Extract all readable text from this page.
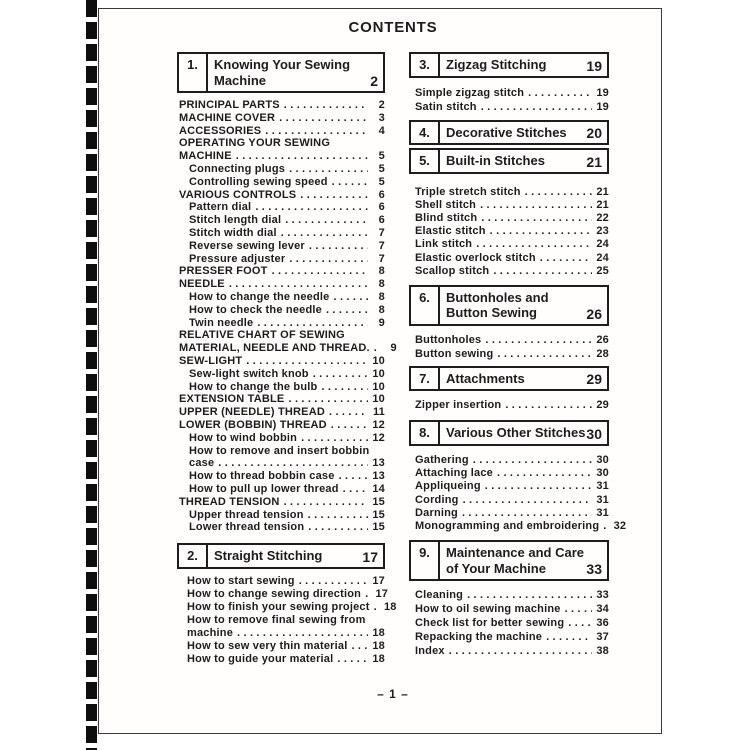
CONTENTS
1.	Knowing Your Sewing
Machine	2
PRINCIPAL PARTS .....	2
MACHINE COVER .....	3
ACCESSORIES .....	4
OPERATING YOUR SEWING
MACHINE .....	5
Connecting plugs .....	5
Controlling sewing speed .....	5
VARIOUS CONTROLS .....	6
Pattern dial .....	6
Stitch length dial .....	6
Stitch width dial .....	7
Reverse sewing lever .....	7
Pressure adjuster .....	7
PRESSER FOOT .....	8
NEEDLE .....	8
How to change the needle .....	8
How to check the needle .....	8
Twin needle .....	9
RELATIVE CHART OF SEWING
MATERIAL, NEEDLE AND THREAD. .....	9
SEW-LIGHT .....	10
Sew-light switch knob .....	10
How to change the bulb .....	10
EXTENSION TABLE .....	10
UPPER (NEEDLE) THREAD .....	11
LOWER (BOBBIN) THREAD .....	12
How to wind bobbin .....	12
How to remove and insert bobbin
case .....	13
How to thread bobbin case .....	13
How to pull up lower thread .....	14
THREAD TENSION .....	15
Upper thread tension .....	15
Lower thread tension .....	15
2.	Straight Stitching	17
How to start sewing .....	17
How to change sewing direction ..... 17
How to finish your sewing project ..... 18
How to remove final sewing from
machine .....	18
How to sew very thin material ..... 18
How to guide your material .....	18
3.	Zigzag Stitching	19
Simple zigzag stitch .....	19
Satin stitch .....	19
4.	Decorative Stitches	20
5.	Built-in Stitches	21
Triple stretch stitch .....	21
Shell stitch .....	21
Blind stitch .....	22
Elastic stitch .....	23
Link stitch .....	24
Elastic overlock stitch .....	24
Scallop stitch .....	25
6.	Buttonholes and
Button Sewing	26
Buttonholes .....	26
Button sewing .....	28
7.	Attachments	29
Zipper insertion .....	29
8.	Various Other Stitches 30
Gathering .....	30
Attaching lace .....	30
Appliqueing .....	31
Cording .....	31
Darning .....	31
Monogramming and embroidering ..... 32
9.	Maintenance and Care
of Your Machine	33
Cleaning .....	33
How to oil sewing machine .....	34
Check list for better sewing .....	36
Repacking the machine .....	37
Index .....	38
– 1 –
